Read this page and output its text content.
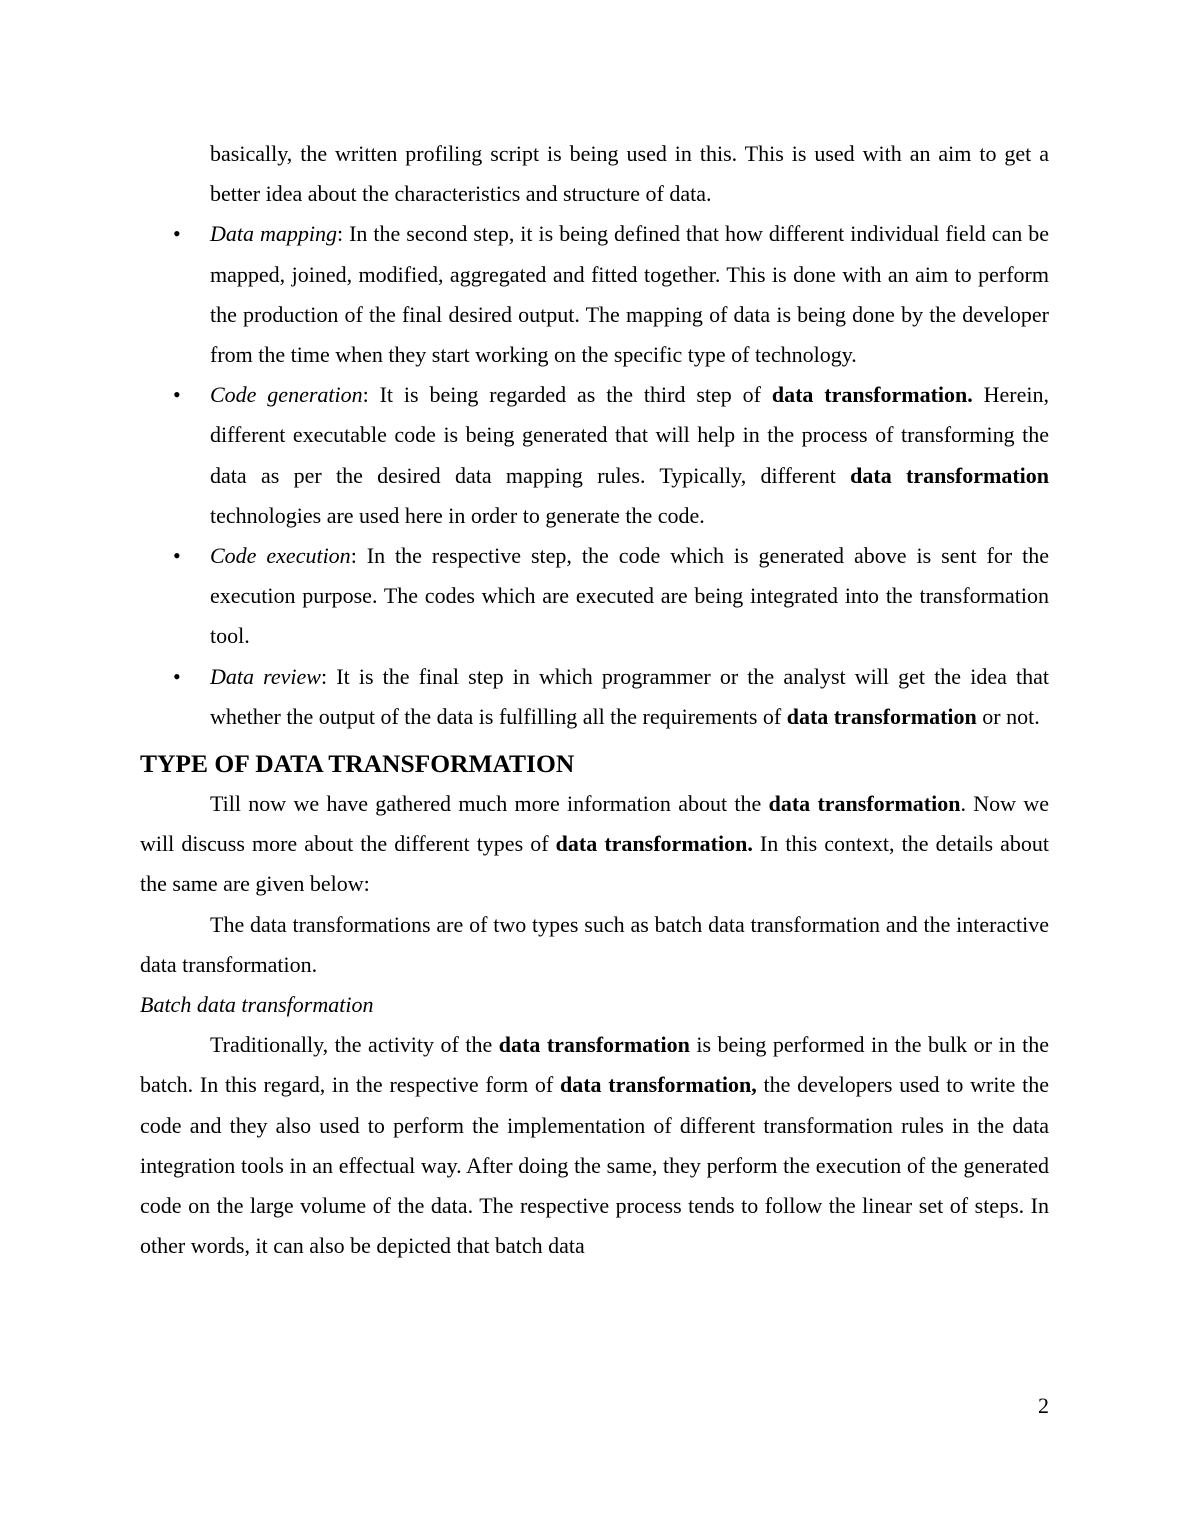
basically, the written profiling script is being used in this. This is used with an aim to get a better idea about the characteristics and structure of data.

• Data mapping: In the second step, it is being defined that how different individual field can be mapped, joined, modified, aggregated and fitted together. This is done with an aim to perform the production of the final desired output. The mapping of data is being done by the developer from the time when they start working on the specific type of technology.
• Code generation: It is being regarded as the third step of data transformation. Herein, different executable code is being generated that will help in the process of transforming the data as per the desired data mapping rules. Typically, different data transformation technologies are used here in order to generate the code.
• Code execution: In the respective step, the code which is generated above is sent for the execution purpose. The codes which are executed are being integrated into the transformation tool.
• Data review: It is the final step in which programmer or the analyst will get the idea that whether the output of the data is fulfilling all the requirements of data transformation or not.
TYPE OF DATA TRANSFORMATION

Till now we have gathered much more information about the data transformation. Now we will discuss more about the different types of data transformation. In this context, the details about the same are given below:

The data transformations are of two types such as batch data transformation and the interactive data transformation.

Batch data transformation

Traditionally, the activity of the data transformation is being performed in the bulk or in the batch. In this regard, in the respective form of data transformation, the developers used to write the code and they also used to perform the implementation of different transformation rules in the data integration tools in an effectual way. After doing the same, they perform the execution of the generated code on the large volume of the data. The respective process tends to follow the linear set of steps. In other words, it can also be depicted that batch data

2
